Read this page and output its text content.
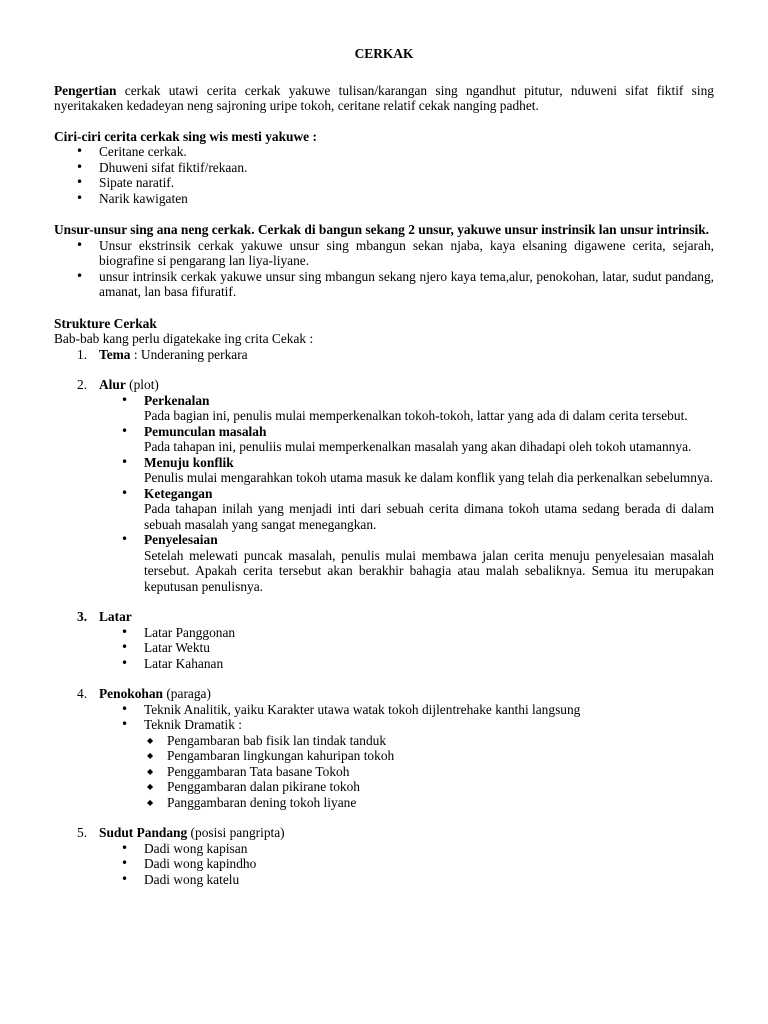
CERKAK
Pengertian cerkak utawi cerita cerkak yakuwe tulisan/karangan sing ngandhut pitutur, nduweni sifat fiktif sing nyeritakaken kedadeyan neng sajroning uripe tokoh, ceritane relatif cekak nanging padhet.
Ciri-ciri cerita cerkak sing wis mesti yakuwe :
• Ceritane cerkak.
• Dhuweni sifat fiktif/rekaan.
• Sipate naratif.
• Narik kawigaten
Unsur-unsur sing ana neng cerkak. Cerkak di bangun sekang 2 unsur, yakuwe unsur instrinsik lan unsur intrinsik.
• Unsur ekstrinsik cerkak yakuwe unsur sing mbangun sekan njaba, kaya elsaning digawene cerita, sejarah, biografine si pengarang lan liya-liyane.
• unsur intrinsik cerkak yakuwe unsur sing mbangun sekang njero kaya tema,alur, penokohan, latar, sudut pandang, amanat, lan basa fifuratif.
Strukture Cerkak
Bab-bab kang perlu digatekake ing crita Cekak :
1. Tema : Underaning perkara
2. Alur (plot)
• Perkenalan
Pada bagian ini, penulis mulai memperkenalkan tokoh-tokoh, lattar yang ada di dalam cerita tersebut.
• Pemunculan masalah
Pada tahapan ini, penuliis mulai memperkenalkan masalah yang akan dihadapi oleh tokoh utamannya.
• Menuju konflik
Penulis mulai mengarahkan tokoh utama masuk ke dalam konflik yang telah dia perkenalkan sebelumnya.
• Ketegangan
Pada tahapan inilah yang menjadi inti dari sebuah cerita dimana tokoh utama sedang berada di dalam sebuah masalah yang sangat menegangkan.
• Penyelesaian
Setelah melewati puncak masalah, penulis mulai membawa jalan cerita menuju penyelesaian masalah tersebut. Apakah cerita tersebut akan berakhir bahagia atau malah sebaliknya. Semua itu merupakan keputusan penulisnya.
3. Latar
• Latar Panggonan
• Latar Wektu
• Latar Kahanan
4. Penokohan (paraga)
• Teknik Analitik, yaiku Karakter utawa watak tokoh dijlentrehake kanthi langsung
• Teknik Dramatik :
◆ Pengambaran bab fisik lan tindak tanduk
◆ Pengambaran lingkungan kahuripan tokoh
◆ Penggambaran Tata basane Tokoh
◆ Penggambaran dalan pikirane tokoh
◆ Panggambaran dening tokoh liyane
5. Sudut Pandang (posisi pangripta)
• Dadi wong kapisan
• Dadi wong kapindho
• Dadi wong katelu
